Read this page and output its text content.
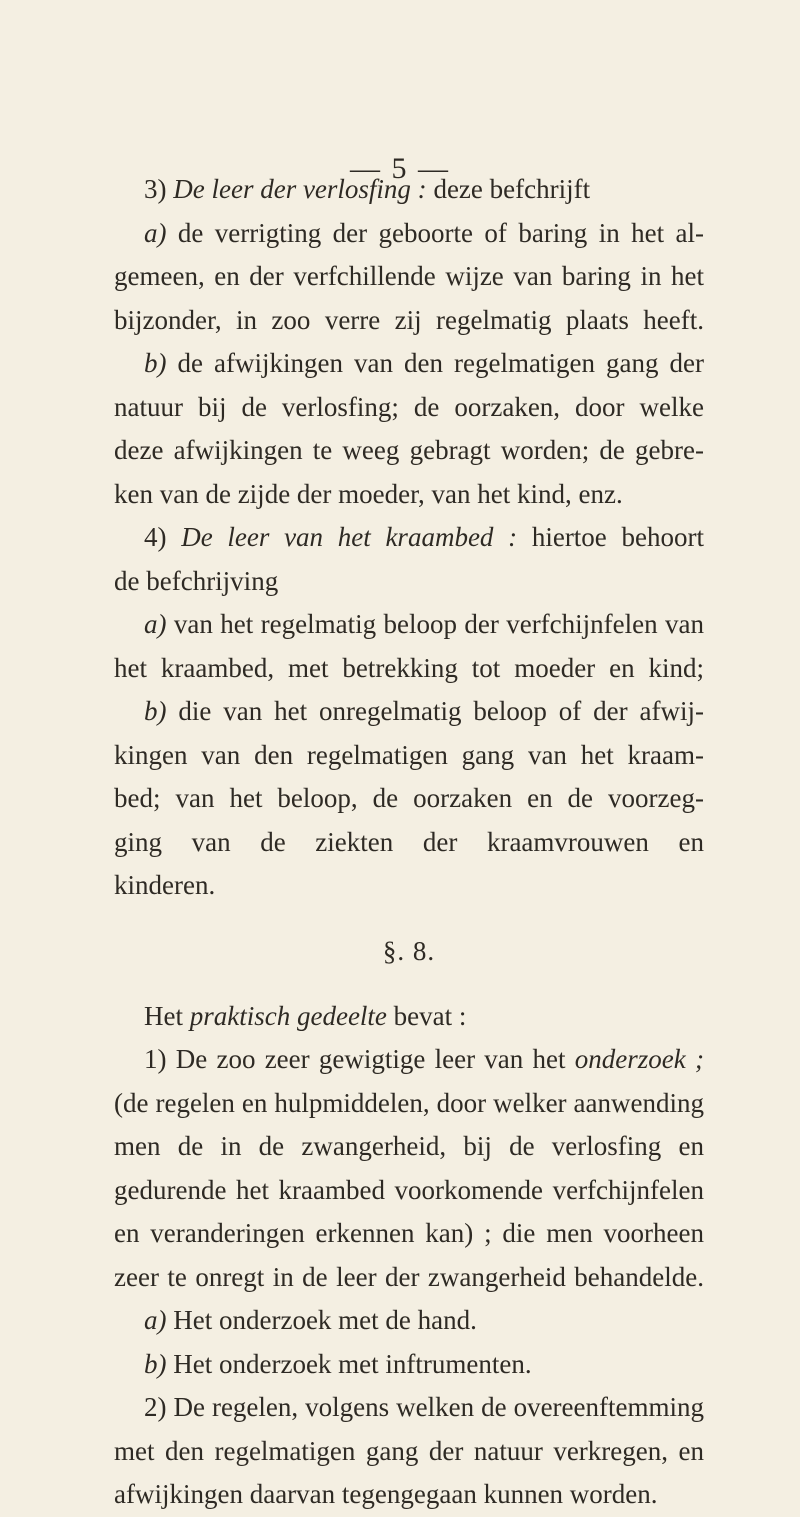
— 5 —
3) De leer der verlosfing : deze befchrijft
a) de verrigting der geboorte of baring in het al-
gemeen, en der verfchillende wijze van baring in het
bijzonder, in zoo verre zij regelmatig plaats heeft.
b) de afwijkingen van den regelmatigen gang der
natuur bij de verlosfing; de oorzaken, door welke
deze afwijkingen te weeg gebragt worden; de gebre-
ken van de zijde der moeder, van het kind, enz.
4) De leer van het kraambed : hiertoe behoort
de befchrijving
a) van het regelmatig beloop der verfchijnfelen van
het kraambed, met betrekking tot moeder en kind;
b) die van het onregelmatig beloop of der afwij-
kingen van den regelmatigen gang van het kraam-
bed; van het beloop, de oorzaken en de voorzeg-
ging van de ziekten der kraamvrouwen en
kinderen.
§. 8.
Het praktisch gedeelte bevat :
1) De zoo zeer gewigtige leer van het onderzoek ;
(de regelen en hulpmiddelen, door welker aanwending
men de in de zwangerheid, bij de verlosfing en
gedurende het kraambed voorkomende verfchijnfelen
en veranderingen erkennen kan) ; die men voorheen
zeer te onregt in de leer der zwangerheid behandelde.
a) Het onderzoek met de hand.
b) Het onderzoek met inftrumenten.
2) De regelen, volgens welken de overeenftemming
met den regelmatigen gang der natuur verkregen, en
afwijkingen daarvan tegengegaan kunnen worden.
